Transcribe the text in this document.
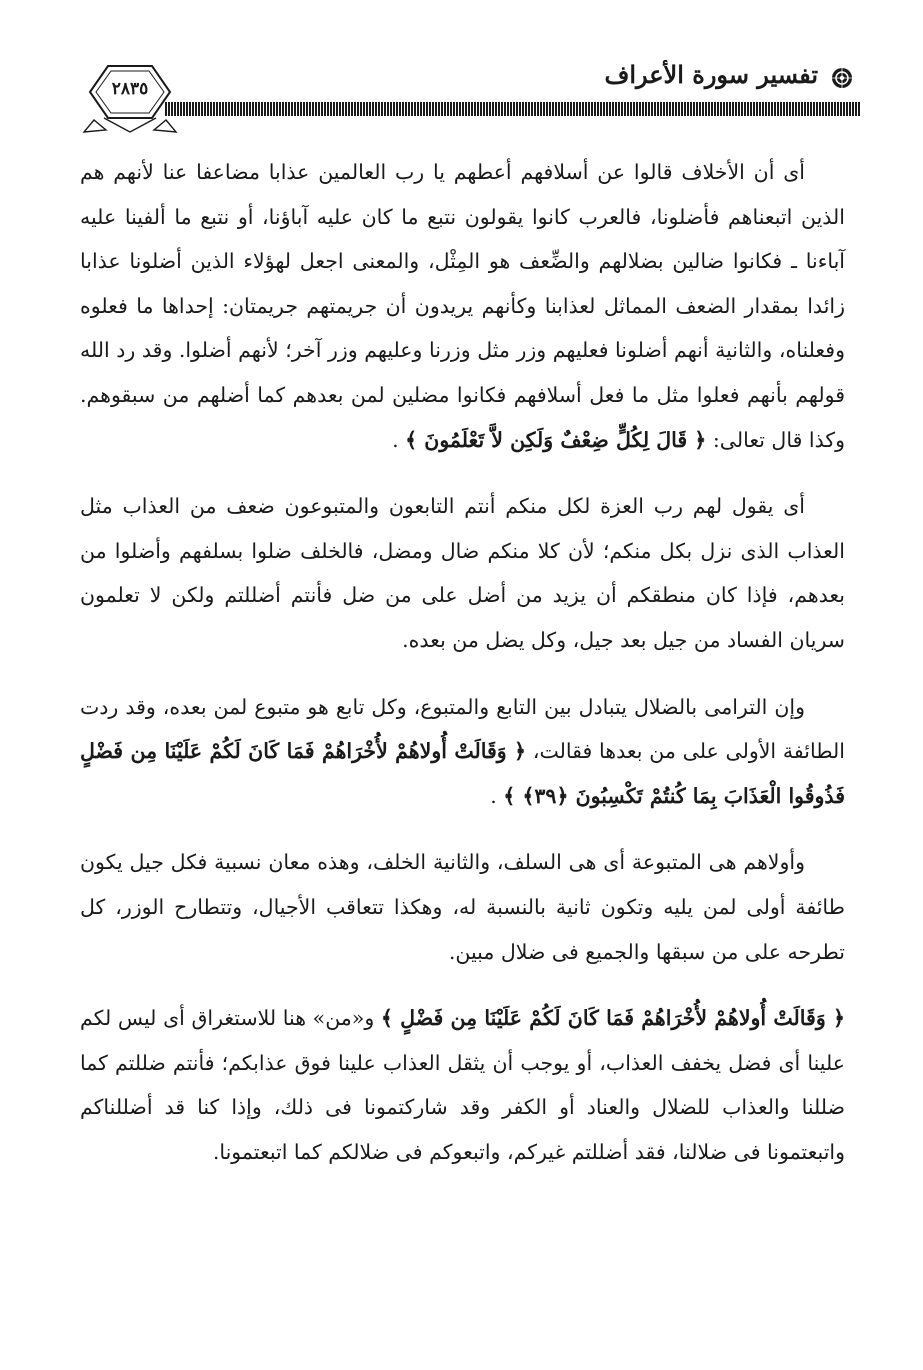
تفسير سورة الأعراف
٢٨٣٥

أى أن الأخلاف قالوا عن أسلافهم أعطهم يا رب العالمين عذابا مضاعفا عنا لأنهم هم الذين اتبعناهم فأضلونا، فالعرب كانوا يقولون نتبع ما كان عليه آباؤنا، أو نتبع ما ألفينا عليه آباءنا ـ فكانوا ضالين بضلالهم والضِّعف هو المِثْل، والمعنى اجعل لهؤلاء الذين أضلونا عذابا زائدا بمقدار الضعف المماثل لعذابنا وكأنهم يريدون أن جريمتهم جريمتان: إحداها ما فعلوه وفعلناه، والثانية أنهم أضلونا فعليهم وزر مثل وزرنا وعليهم وزر آخر؛ لأنهم أضلوا. وقد رد الله قولهم بأنهم فعلوا مثل ما فعل أسلافهم فكانوا مضلين لمن بعدهم كما أضلهم من سبقوهم. وكذا قال تعالى: ﴿ قَالَ لِكُلٍّ ضِعْفٌ وَلَكِن لاَّ تَعْلَمُونَ ﴾ .

أى يقول لهم رب العزة لكل منكم أنتم التابعون والمتبوعون ضعف من العذاب مثل العذاب الذى نزل بكل منكم؛ لأن كلا منكم ضال ومضل، فالخلف ضلوا بسلفهم وأضلوا من بعدهم، فإذا كان منطقكم أن يزيد من أضل على من ضل فأنتم أضللتم ولكن لا تعلمون سريان الفساد من جيل بعد جيل، وكل يضل من بعده.

وإن الترامى بالضلال يتبادل بين التابع والمتبوع، وكل تابع هو متبوع لمن بعده، وقد ردت الطائفة الأولى على من بعدها فقالت، ﴿ وَقَالَتْ أُولاهُمْ لأُخْرَاهُمْ فَمَا كَانَ لَكُمْ عَلَيْنَا مِن فَضْلٍ فَذُوقُوا الْعَذَابَ بِمَا كُنتُمْ تَكْسِبُونَ ﴿٣٩﴾ ﴾ .

وأولاهم هى المتبوعة أى هى السلف، والثانية الخلف، وهذه معان نسبية فكل جيل يكون طائفة أولى لمن يليه وتكون ثانية بالنسبة له، وهكذا تتعاقب الأجيال، وتتطارح الوزر، كل تطرحه على من سبقها والجميع فى ضلال مبين.

﴿ وَقَالَتْ أُولاهُمْ لأُخْرَاهُمْ فَمَا كَانَ لَكُمْ عَلَيْنَا مِن فَضْلٍ ﴾ و«من» هنا للاستغراق أى ليس لكم علينا أى فضل يخفف العذاب، أو يوجب أن يثقل العذاب علينا فوق عذابكم؛ فأنتم ضللتم كما ضللنا والعذاب للضلال والعناد أو الكفر وقد شاركتمونا فى ذلك، وإذا كنا قد أضللناكم واتبعتمونا فى ضلالنا، فقد أضللتم غيركم، واتبعوكم فى ضلالكم كما اتبعتمونا.
